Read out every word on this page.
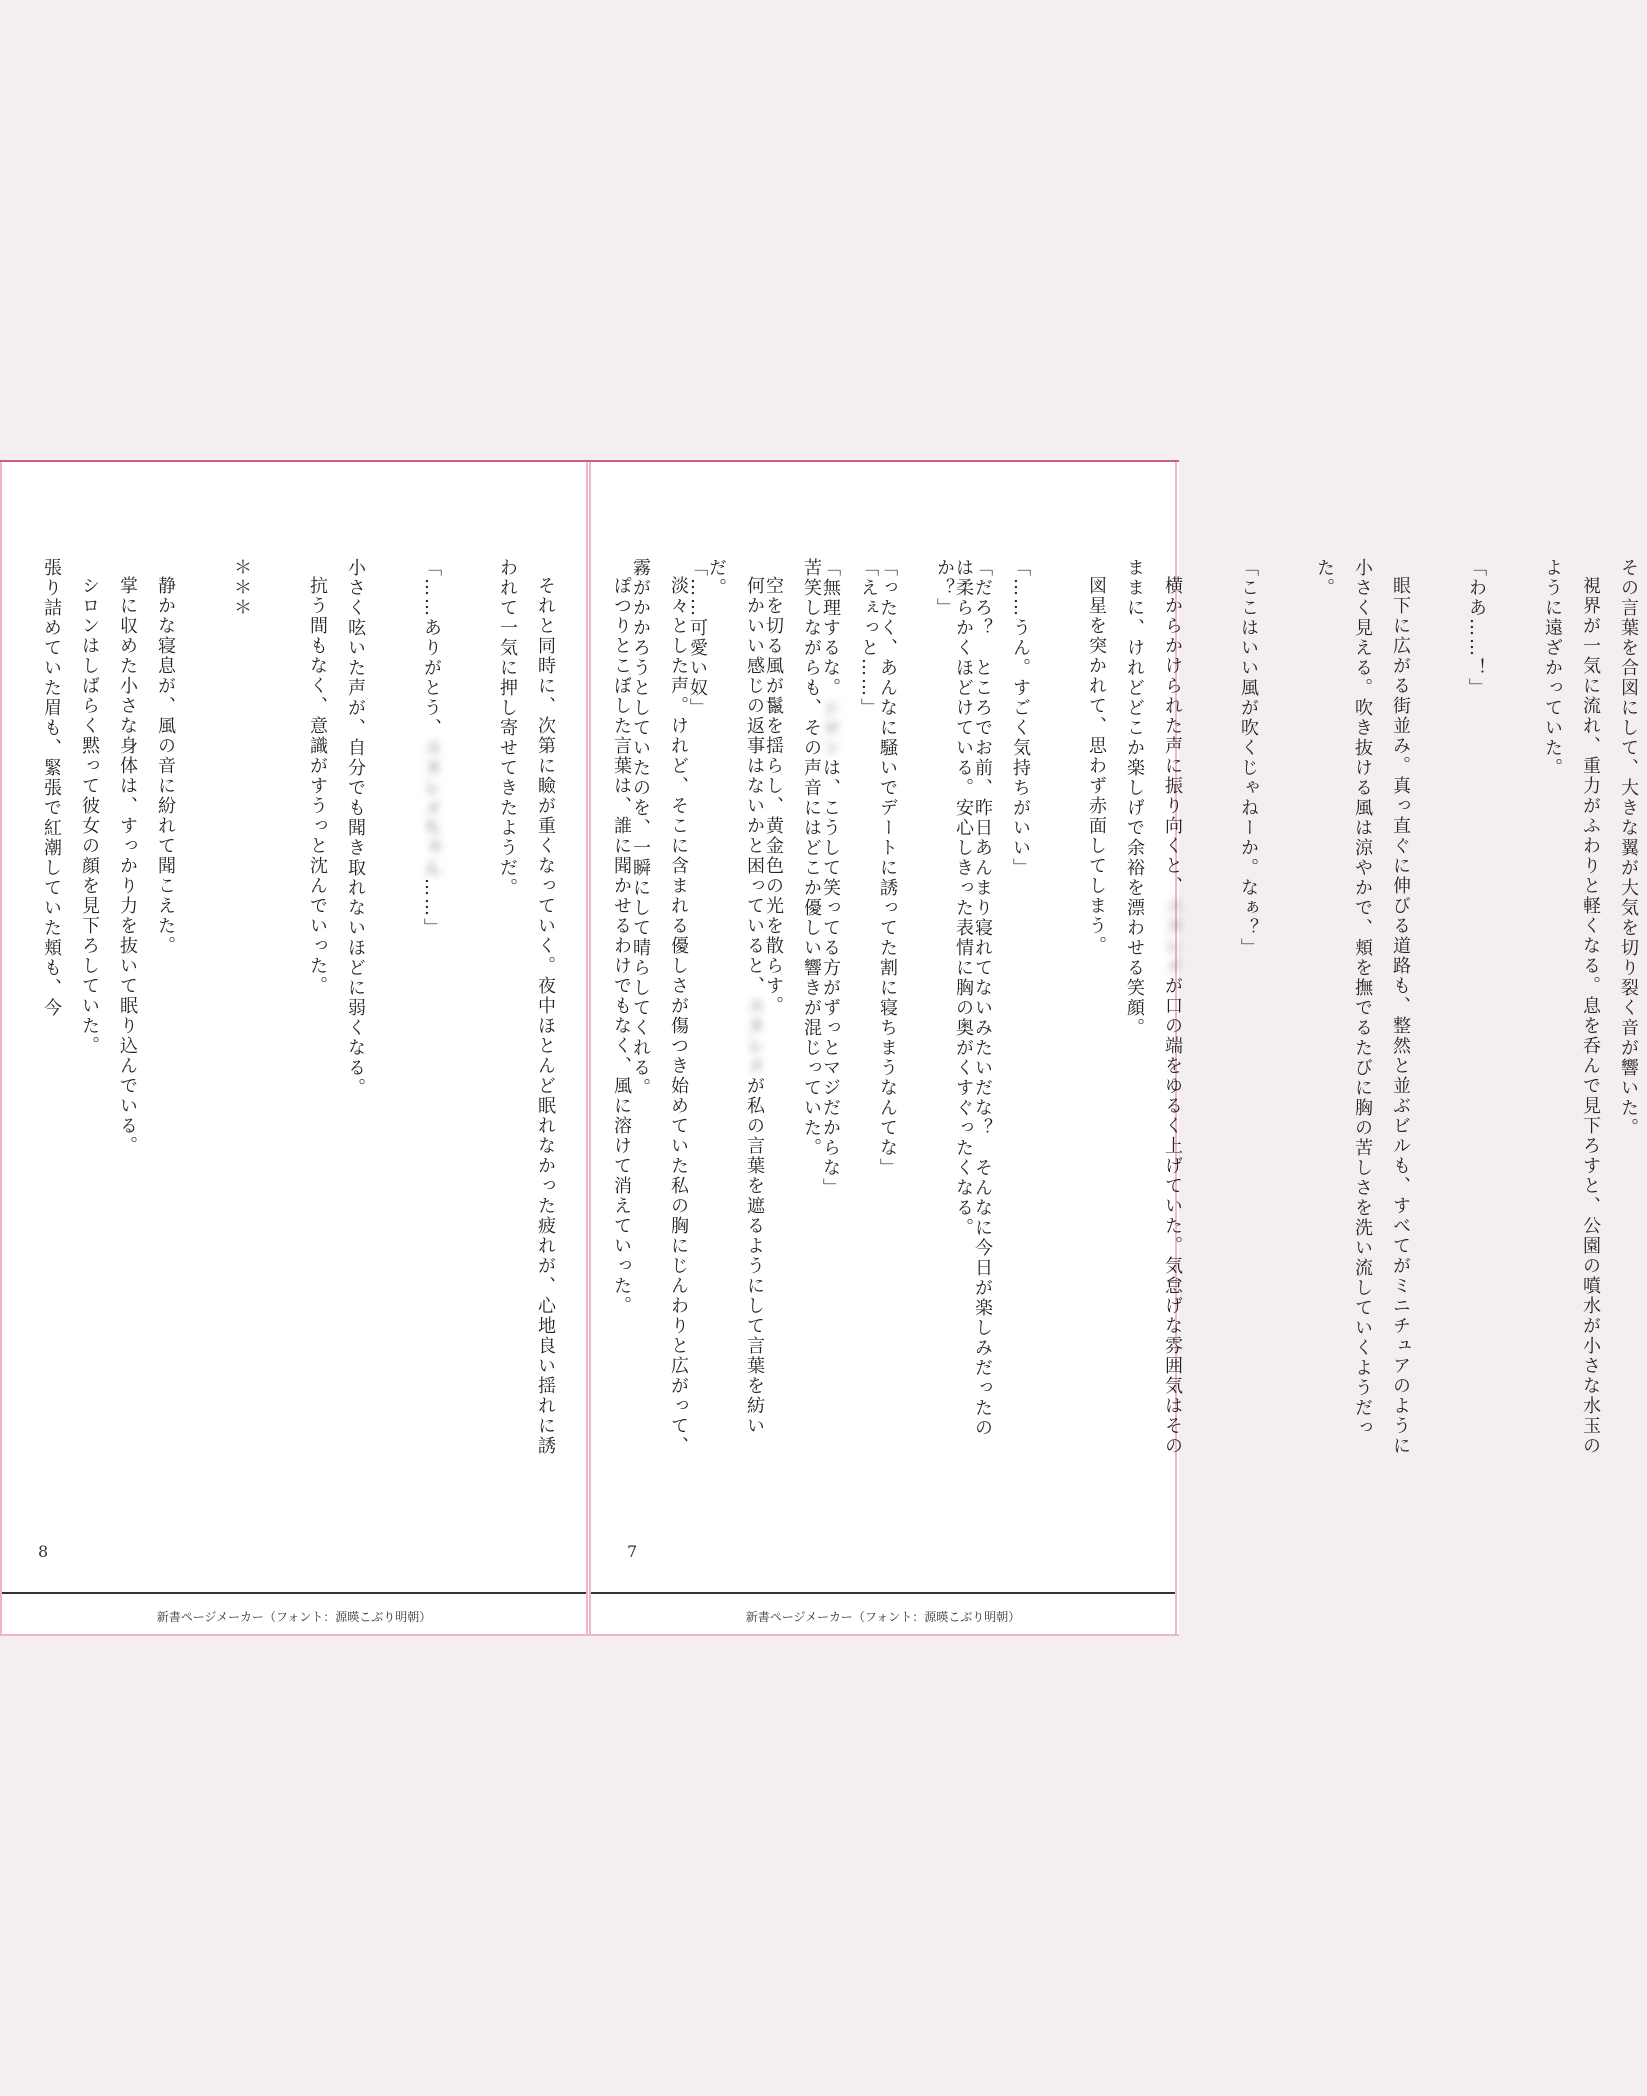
は柔らかくほどけている。安心しきった表情に胸の奥がくすぐったくなる。

「ったく、あんなに騒いでデートに誘ってた割に寝ちまうなんてな」

苦笑しながらも、その声音にはどこか優しい響きが混じっていた。

空を切る風が鬣を揺らし、黄金色の光を散らす。

「……可愛い奴」

ぽつりとこぼした言葉は、誰に聞かせるわけでもなく、風に溶けて消えていった。

それと同時に、次第に瞼が重くなっていく。夜中ほとんど眠れなかった疲れが、心地良い揺れに誘われて一気に押し寄せてきたようだ。

「……ありがとう、ユヌレメちゃん……」

小さく呟いた声が、自分でも聞き取れないほどに弱くなる。

抗う間もなく、意識がすうっと沈んでいった。

＊＊＊

静かな寝息が、風の音に紛れて聞こえた。

掌に収めた小さな身体は、すっかり力を抜いて眠り込んでいる。

シロンはしばらく黙って彼女の顔を見下ろしていた。

張り詰めていた眉も、緊張で紅潮していた頬も、今

8
新書ページメーカー（フォント：源暎こぶり明朝）

その言葉を合図にして、大きな翼が大気を切り裂く音が響いた。

視界が一気に流れ、重力がふわりと軽くなる。息を呑んで見下ろすと、公園の噴水が小さな水玉のように遠ざかっていた。

「わあ……！」

眼下に広がる街並み。真っ直ぐに伸びる道路も、整然と並ぶビルも、すべてがミニチュアのように小さく見える。吹き抜ける風は涼やかで、頬を撫でるたびに胸の苦しさを洗い流していくようだった。

「ここはいい風が吹くじゃねーか。なぁ？」

横からかけられた声に振り向くと、ユヌレメが口の端をゆるく上げていた。気怠げな雰囲気はそのままに、けれどどこか楽しげで余裕を漂わせる笑顔。

図星を突かれて、思わず赤面してしまう。

「……うん。すごく気持ちがいい」

「だろ？　ところでお前、昨日あんまり寝れてないみたいだな？　そんなに今日が楽しみだったのか？」

「えぇっと……」

「無理するな。シロンは、こうして笑ってる方がずっとマジだからな」

何かいい感じの返事はないかと困っていると、ユヌレメが私の言葉を遮るようにして言葉を紡いだ。

淡々とした声。けれど、そこに含まれる優しさが傷つき始めていた私の胸にじんわりと広がって、霧がかかろうとしていたのを、一瞬にして晴らしてくれる。

7
新書ページメーカー（フォント：源暎こぶり明朝）
